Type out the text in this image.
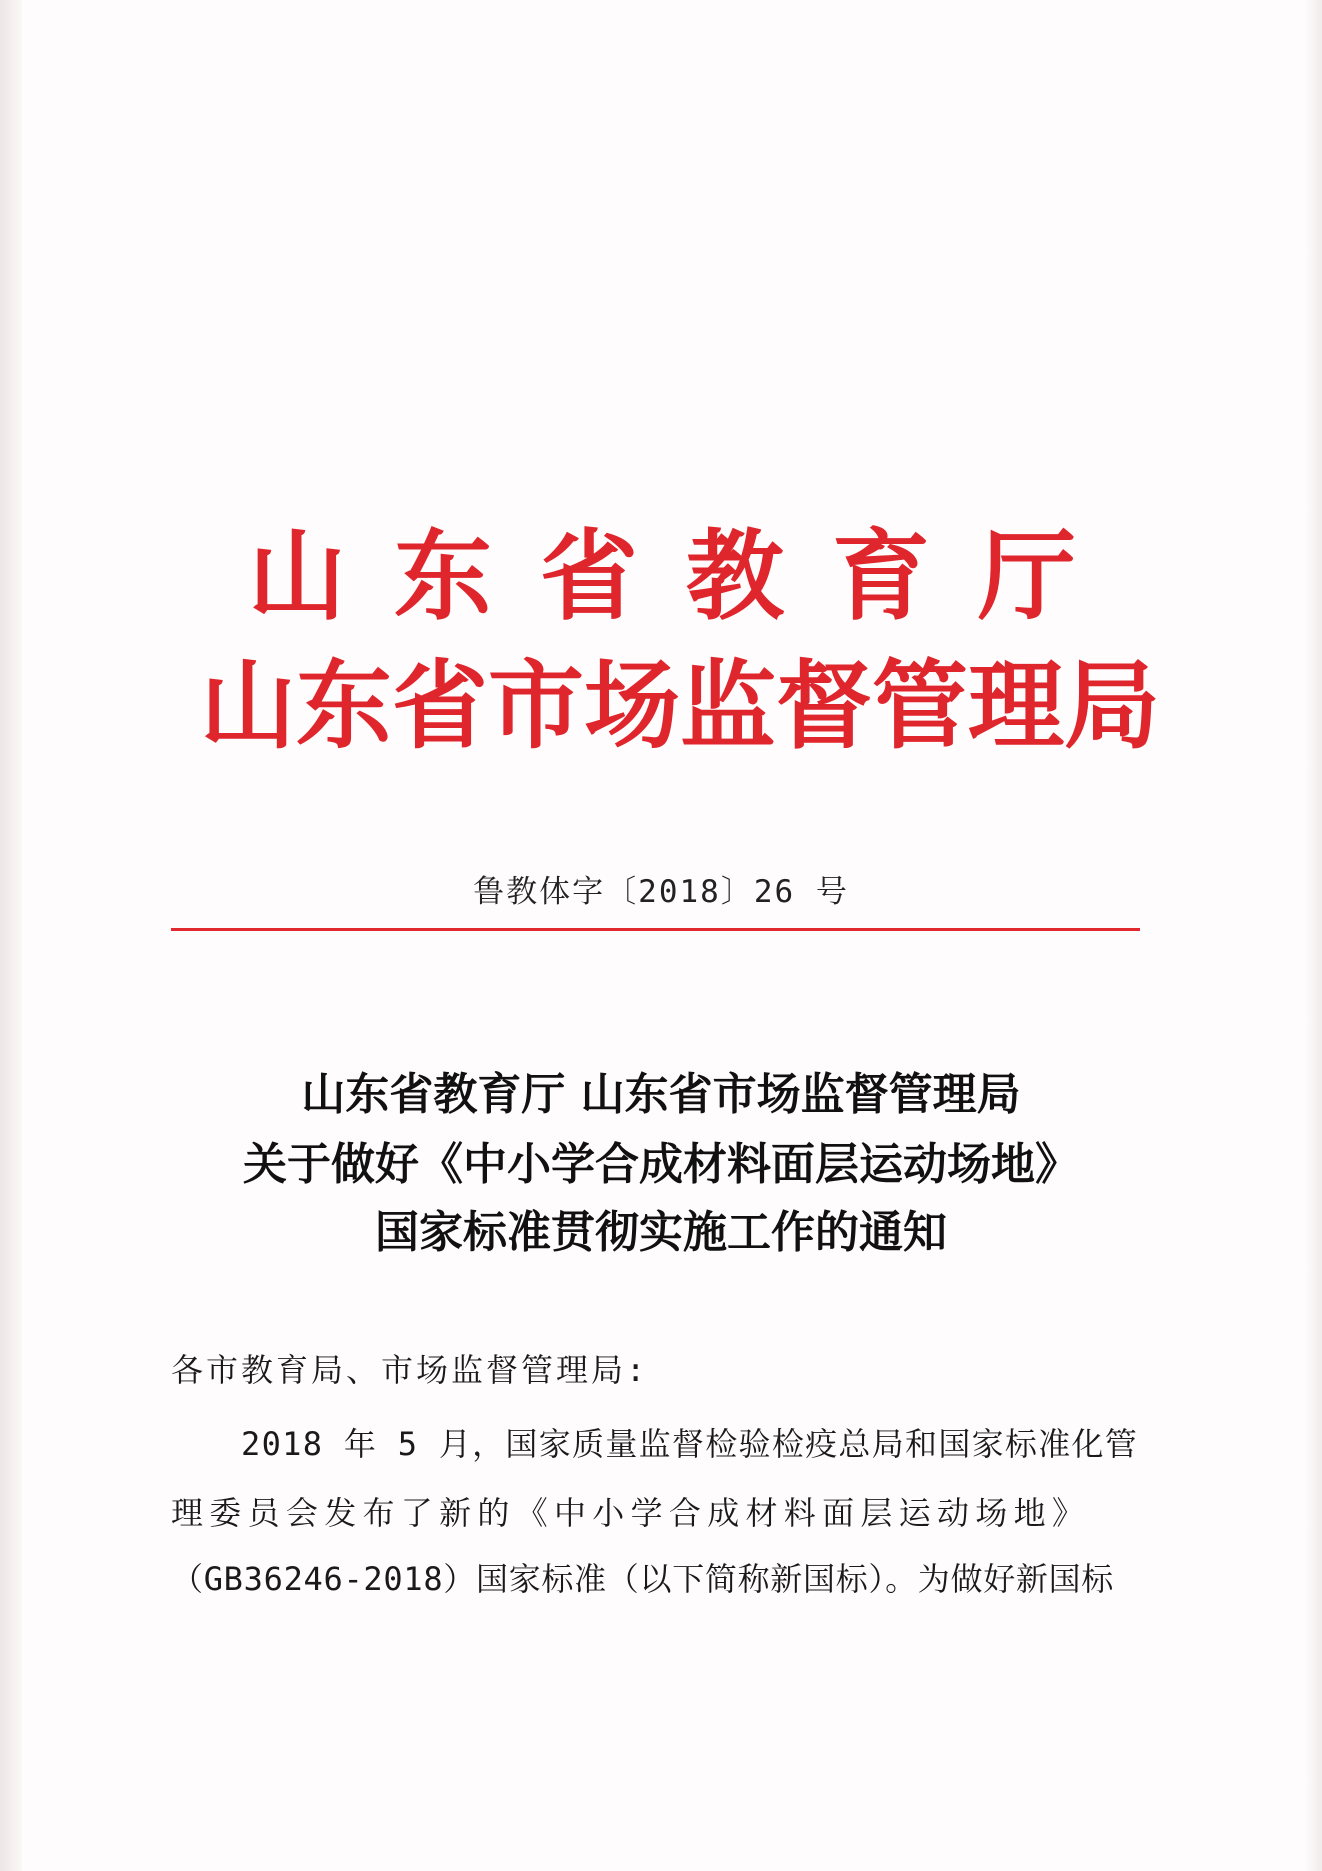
山东省教育厅
山东省市场监督管理局
鲁教体字〔2018〕26 号
山东省教育厅 山东省市场监督管理局
关于做好《中小学合成材料面层运动场地》
国家标准贯彻实施工作的通知
各市教育局、市场监督管理局:
2018 年 5 月，国家质量监督检验检疫总局和国家标准化管
理委员会发布了新的《中小学合成材料面层运动场地》
（GB36246-2018）国家标准（以下简称新国标）。为做好新国标
